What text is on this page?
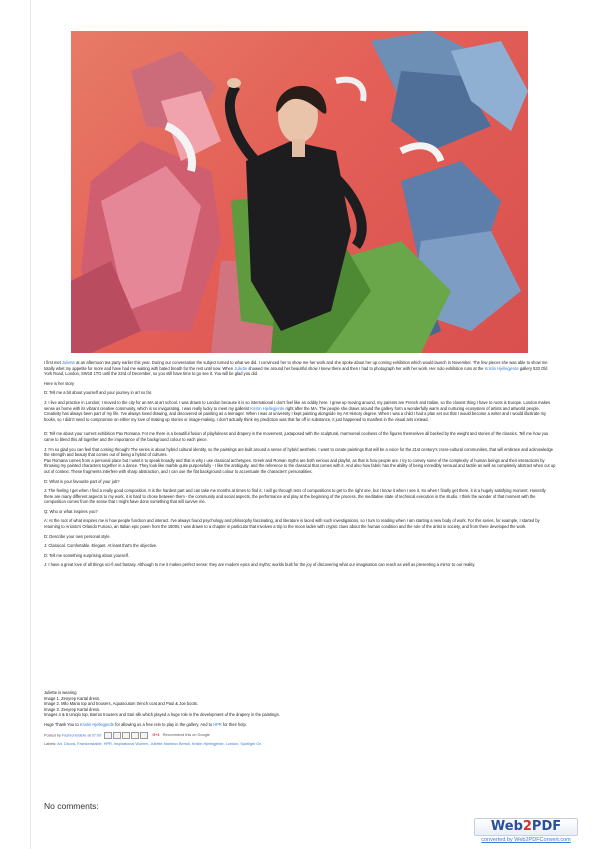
I first met Juliette at an afternoon tea party earlier this year. During our conversation the subject turned to what we did. I convinced her to show me her work and she spoke about her up coming exhibition which would launch in November. The few pieces she was able to show me totally whet my appetite for more and have had me waiting with bated breath for the rest until now. When Juliette showed me around her beautiful show I knew there and then I had to photograph her with her work. Her solo exhibition runs at the Kristin Hjellegjerde gallery 533 Old York Road, London, SW18 1TG until the 23rd of December, so you still have time to go see it. You will be glad you did.

Here is her story

D: Tell me a bit about yourself and your journey in art so far.

J: I live and practice in London; I moved to the city for an MA at art school. I was drawn to London because it is so international I don't feel like an oddity here. I grew up moving around, my parents are French and Italian, so the closest thing I have to roots is Europe. London makes sense as home with its vibrant creative community, which is so invigorating. I was really lucky to meet my gallerist Kristin Hjellegjerde right after the MA. The people she draws around the gallery form a wonderfully warm and nurturing ecosystem of artists and artworld people.

Creativity has always been part of my life. I've always loved drawing, and discovered oil painting as a teenager. When I was at university I kept painting alongside my Art History degree. When I was a child I had a plan set out that I would become a writer and I would illustrate my books, so I didn't need to compromise on either my love of making up stories or image-making. I don't actually think my prediction was that far off in substance, it just happened to manifest in the visual arts instead.

D: Tell me about your current exhibition Pax Romana. For me there is a beautiful fusion of playfulness and drapery in the movement, juxtaposed with the sculptural, marmoreal coolness of the figures themselves all backed by the weight and stories of the classics. Tell me how you came to blend this all together and the importance of the background colour to each piece.

J: I'm so glad you can feel that coming through! The series is about hybrid cultural identity, so the paintings are built around a sense of hybrid aesthetic. I want to create paintings that will be a voice for the 21st century's cross-cultural communities, that will embrace and acknowledge the strength and beauty that comes out of being a hybrid of cultures.

Pax Romana comes from a personal place but I want it to speak broadly and that is why I use classical archetypes. Greek and Roman myths are both serious and playful, as that is how people are. I try to convey some of the complexity of human beings and their interactions by throwing my painted characters together in a dance. They look like marble quite purposefully - I like the ambiguity, and the reference to the classical that comes with it. And also how fabric has the ability of being incredibly sensual and tactile as well as completely abstract when cut up out of context. These fragments interfere with sharp abstraction, and I can use the flat background colour to accentuate the characters' personalities.

D: What is your favourite part of your job?

J: The feeling I get when I find a really good composition. It is the hardest part and can take me months at times to find it. I will go through tens of compositions to get to the right one, but I know it when I see it. So when I finally get there, it is a hugely satisfying moment. Honestly there are many different aspects to my work, it is hard to chose between them - the community and social aspects, the performance and play at the beginning of the process, the meditative state of technical execution in the studio. I think the wonder of that moment with the composition comes from the sense that I might have done something that will survive me.

Q: Who or what inspires you?

A: At the root of what inspires me is how people function and interact. I've always found psychology and philosophy fascinating, and literature is laced with such investigations, so I turn to reading when I am starting a new body of work. For this series, for example, I started by returning to Ariosto's Orlando Furioso, an Italian epic poem from the 1500s; I was drawn to a chapter in particular that involves a trip to the moon laden with cryptic clues about the human condition and the role of the artist in society, and from there developed the work.

D: Describe your own personal style.

J: Classical. Comfortable. Elegant. At least that's the objective.

D: Tell me something surprising about yourself.

J: I have a great love of all things sci-fi and fantasy. Although to me it makes perfect sense: they are modern epics and myths; worlds built for the joy of discovering what our imagination can reach as well as presenting a mirror to our reality.

Juliette is wearing
Image 1. Zenyrep Kartal dress.
Image 2. Milo Maria top and trousers, Aquascutum trench coat and Paul & Joe boots.
Image 3. Zenyrep Kartal dress.
Images 4 & 5 Uniqlo top, Barrus trousers and Sari silk which played a huge role in the development of the drapery in the paintings.

Huge Thank You to Kristin Hjellegjerde for allowing us a free rein to play in the gallery. And to HPR for their help.

Posted by Fashionistable at 07:00	G+1 Recommend this on Google
Labels: Art, Dicora, Fashionistable, HPR, Inspirational Women, Juliette Mahieux Bertoli, Kristin Hjellegjerde, London, Spotlight On
No comments:
Web2PDF
converted by Web2PDFConvert.com
